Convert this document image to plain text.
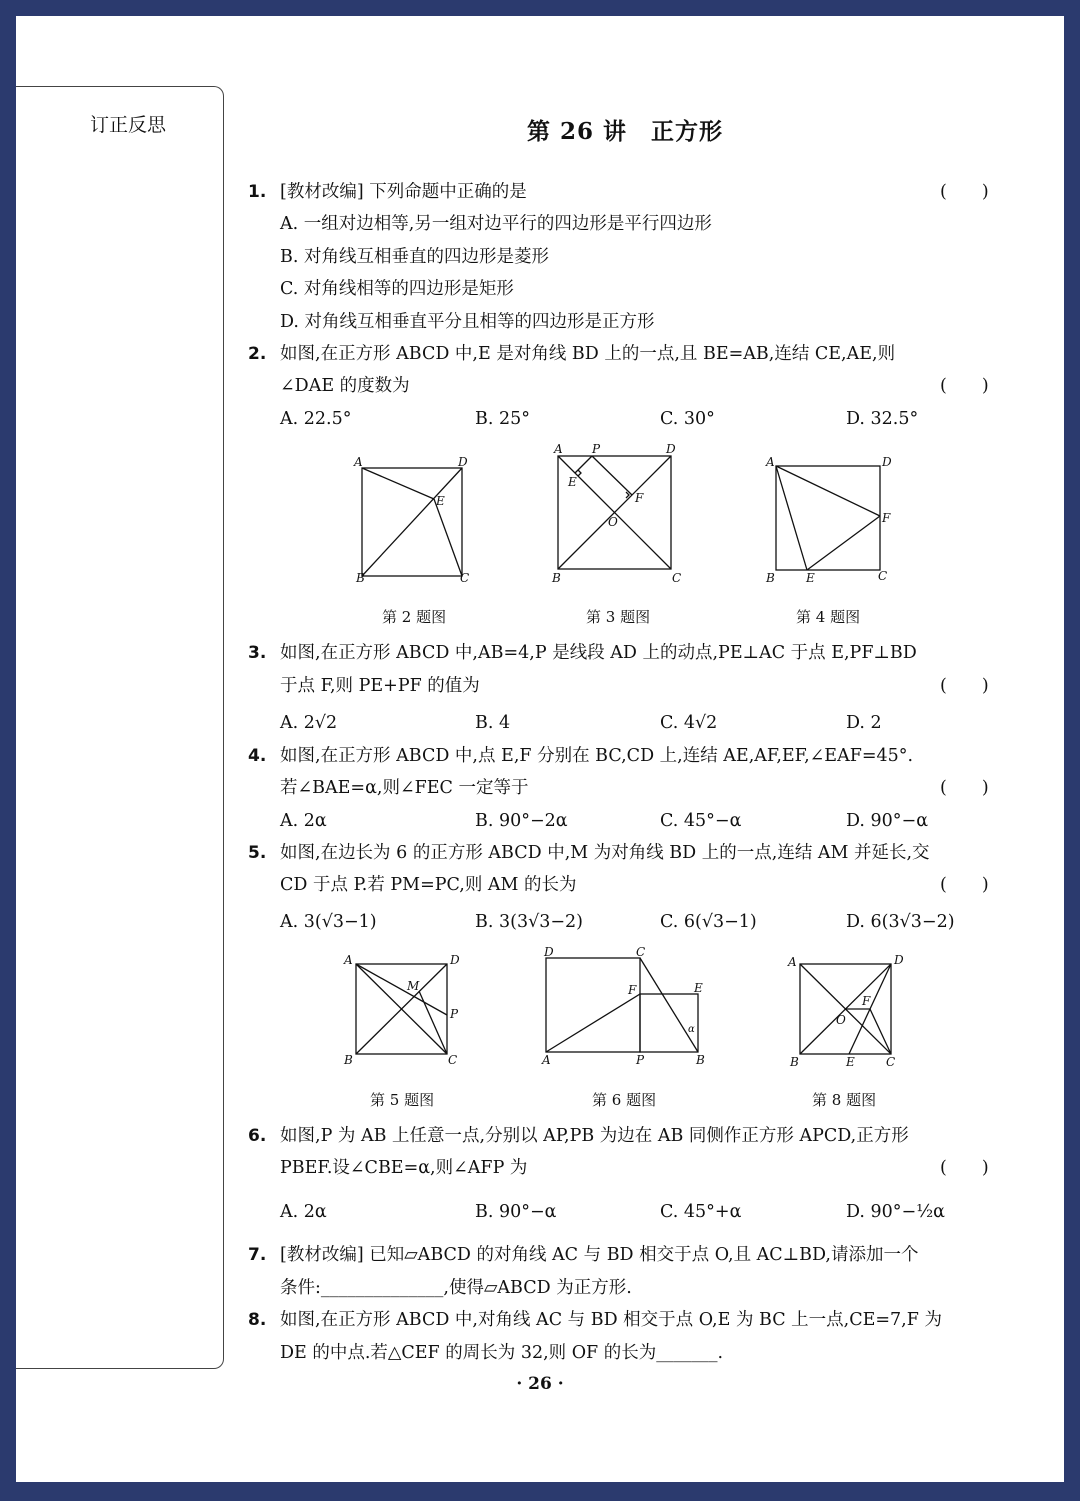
订正反思	第 26 讲　正方形
1. [教材改编] 下列命题中正确的是	(　　)
A. 一组对边相等,另一组对边平行的四边形是平行四边形
B. 对角线互相垂直的四边形是菱形
C. 对角线相等的四边形是矩形
D. 对角线互相垂直平分且相等的四边形是正方形
2. 如图,在正方形 ABCD 中,E 是对角线 BD 上的一点,且 BE=AB,连结 CE,AE,则
∠DAE 的度数为	(　　)
A. 22.5°	B. 25°	C. 30°	D. 32.5°
A	D
E
B	C
A P	D
E
F
O
B	C
A	D
F
B	E	C
第 2 题图	第 3 题图	第 4 题图
3. 如图,在正方形 ABCD 中,AB=4,P 是线段 AD 上的动点,PE⊥AC 于点 E,PF⊥BD
于点 F,则 PE+PF 的值为	(　　)
A. 2√2	B. 4	C. 4√2	D. 2
4. 如图,在正方形 ABCD 中,点 E,F 分别在 BC,CD 上,连结 AE,AF,EF,∠EAF=45°.
若∠BAE=α,则∠FEC 一定等于	(　　)
A. 2α	B. 90°−2α	C. 45°−α	D. 90°−α
5. 如图,在边长为 6 的正方形 ABCD 中,M 为对角线 BD 上的一点,连结 AM 并延长,交
CD 于点 P.若 PM=PC,则 AM 的长为	(　　)
A. 3(√3−1)	B. 3(3√3−2)	C. 6(√3−1)	D. 6(3√3−2)
A	D
M
P
B	C
D	C
F	E
α
A	P	B
A	D
F
O
B	E	C
第 5 题图	第 6 题图	第 8 题图
6. 如图,P 为 AB 上任意一点,分别以 AP,PB 为边在 AB 同侧作正方形 APCD,正方形
PBEF.设∠CBE=α,则∠AFP 为	(　　)
A. 2α	B. 90°−α	C. 45°+α	D. 90°−½α
7. [教材改编] 已知▱ABCD 的对角线 AC 与 BD 相交于点 O,且 AC⊥BD,请添加一个
条件:______________,使得▱ABCD 为正方形.
8. 如图,在正方形 ABCD 中,对角线 AC 与 BD 相交于点 O,E 为 BC 上一点,CE=7,F 为
DE 的中点.若△CEF 的周长为 32,则 OF 的长为_______.
· 26 ·
